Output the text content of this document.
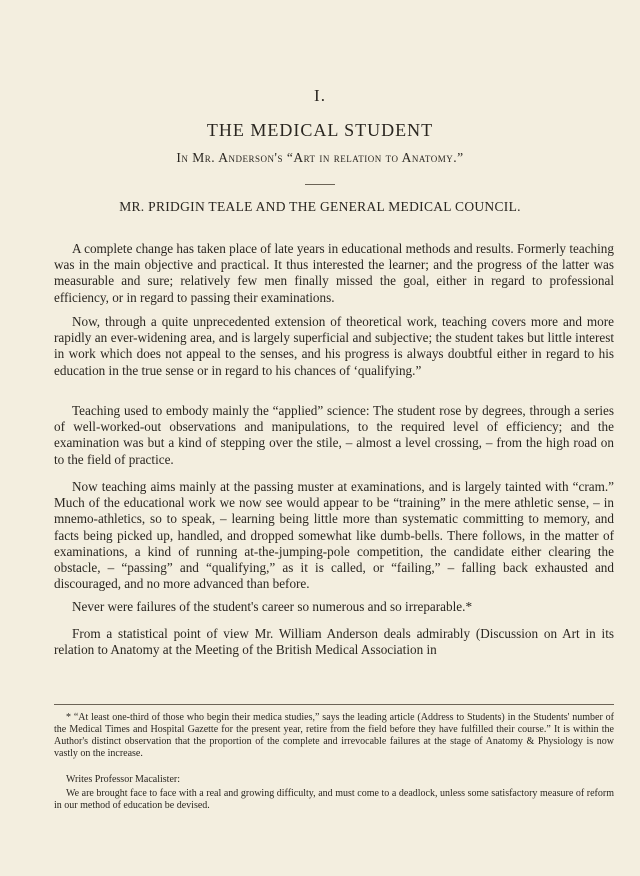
I.
THE MEDICAL STUDENT
In Mr. Anderson's “Art in relation to Anatomy.”
MR. PRIDGIN TEALE AND THE GENERAL MEDICAL COUNCIL.

A complete change has taken place of late years in educational methods and results. Formerly teaching was in the main objective and practical. It thus interested the learner; and the progress of the latter was measurable and sure; relatively few men finally missed the goal, either in regard to professional efficiency, or in regard to passing their examinations.

Now, through a quite unprecedented extension of theoretical work, teaching covers more and more rapidly an ever-widening area, and is largely superficial and subjective; the student takes but little interest in work which does not appeal to the senses, and his progress is always doubtful either in regard to his education in the true sense or in regard to his chances of ‘qualifying.”

Teaching used to embody mainly the “applied” science: The student rose by degrees, through a series of well-worked-out observations and manipulations, to the required level of efficiency; and the examination was but a kind of stepping over the stile, – almost a level crossing, – from the high road on to the field of practice.

Now teaching aims mainly at the passing muster at examinations, and is largely tainted with “cram.” Much of the educational work we now see would appear to be “training” in the mere athletic sense, – in mnemo-athletics, so to speak, – learning being little more than systematic committing to memory, and facts being picked up, handled, and dropped somewhat like dumb-bells. There follows, in the matter of examinations, a kind of running at-the-jumping-pole competition, the candidate either clearing the obstacle, – “passing” and “qualifying,” as it is called, or “failing,” – falling back exhausted and discouraged, and no more advanced than before.

Never were failures of the student's career so numerous and so irreparable.*

From a statistical point of view Mr. William Anderson deals admirably (Discussion on Art in its relation to Anatomy at the Meeting of the British Medical Association in

* “At least one-third of those who begin their medica studies,” says the leading article (Address to Students) in the Students' number of the Medical Times and Hospital Gazette for the present year, retire from the field before they have fulfilled their course.” It is within the Author's distinct observation that the proportion of the complete and irrevocable failures at the stage of Anatomy & Physiology is now vastly on the increase.

Writes Professor Macalister:

We are brought face to face with a real and growing difficulty, and must come to a deadlock, unless some satisfactory measure of reform in our method of education be devised.
